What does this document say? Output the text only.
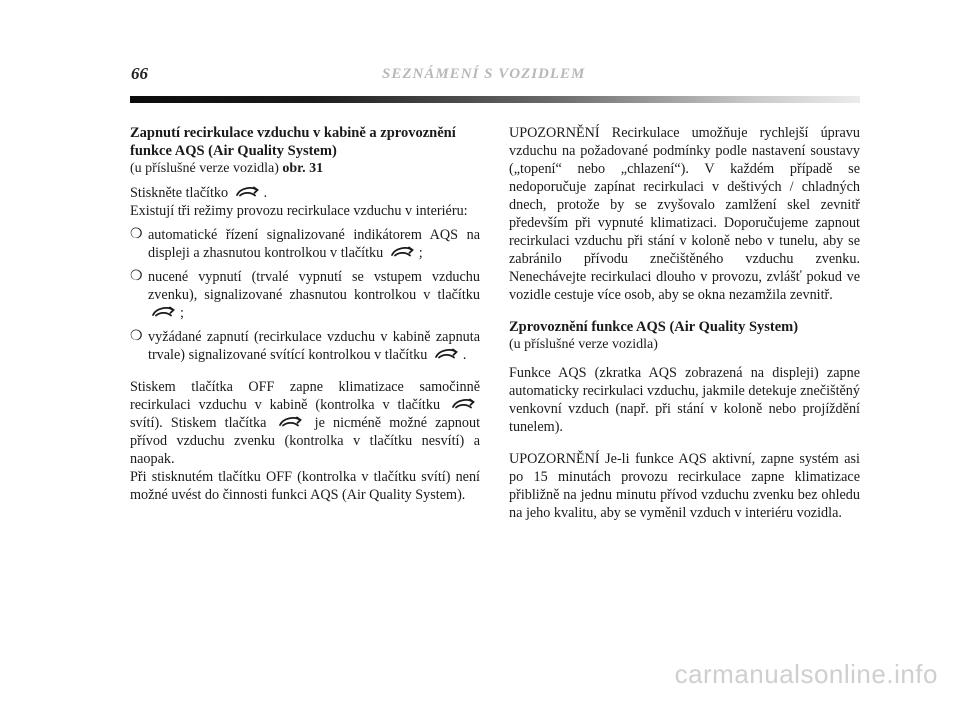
66	SEZNÁMENÍ S VOZIDLEM

Zapnutí recirkulace vzduchu v kabině a zprovoznění funkce AQS (Air Quality System)

(u příslušné verze vozidla) obr. 31

Stiskněte tlačítko	.

Existují tři režimy provozu recirkulace vzduchu v interiéru:

❍ automatické řízení signalizované indikátorem AQS na displeji a zhasnutou kontrolkou v tlačítku	;

❍ nucené vypnutí (trvalé vypnutí se vstupem vzduchu zvenku), signalizované zhasnutou kontrolkou v tlačítku ;

❍ vyžádané zapnutí (recirkulace vzduchu v kabině zapnuta trvale) signalizované svítící kontrolkou v tlačítku	.

Stiskem tlačítka OFF zapne klimatizace samočinně recirkulaci vzduchu v kabině (kontrolka v tlačítku  svítí). Stiskem tlačítka	je nicméně možné zapnout přívod vzduchu zvenku (kontrolka v tlačítku nesvítí) a naopak.

Při stisknutém tlačítku OFF (kontrolka v tlačítku svítí) není možné uvést do činnosti funkci AQS (Air Quality System).

UPOZORNĚNÍ Recirkulace umožňuje rychlejší úpravu vzduchu na požadované podmínky podle nastavení soustavy („topení“ nebo „chlazení“). V každém případě se nedoporučuje zapínat recirkulaci v deštivých / chladných dnech, protože by se zvyšovalo zamlžení skel zevnitř především při vypnuté klimatizaci. Doporučujeme zapnout recirkulaci vzduchu při stání v koloně nebo v tunelu, aby se zabránilo přívodu znečištěného vzduchu zvenku. Nenechávejte recirkulaci dlouho v provozu, zvlášť pokud ve vozidle cestuje více osob, aby se okna nezamžila zevnitř.

Zprovoznění funkce AQS (Air Quality System)

(u příslušné verze vozidla)

Funkce AQS (zkratka AQS zobrazená na displeji) zapne automaticky recirkulaci vzduchu, jakmile detekuje znečištěný venkovní vzduch (např. při stání v koloně nebo projíždění tunelem).

UPOZORNĚNÍ Je-li funkce AQS aktivní, zapne systém asi po 15 minutách provozu recirkulace zapne klimatizace přibližně na jednu minutu přívod vzduchu zvenku bez ohledu na jeho kvalitu, aby se vyměnil vzduch v interiéru vozidla.

carmanualsonline.info
